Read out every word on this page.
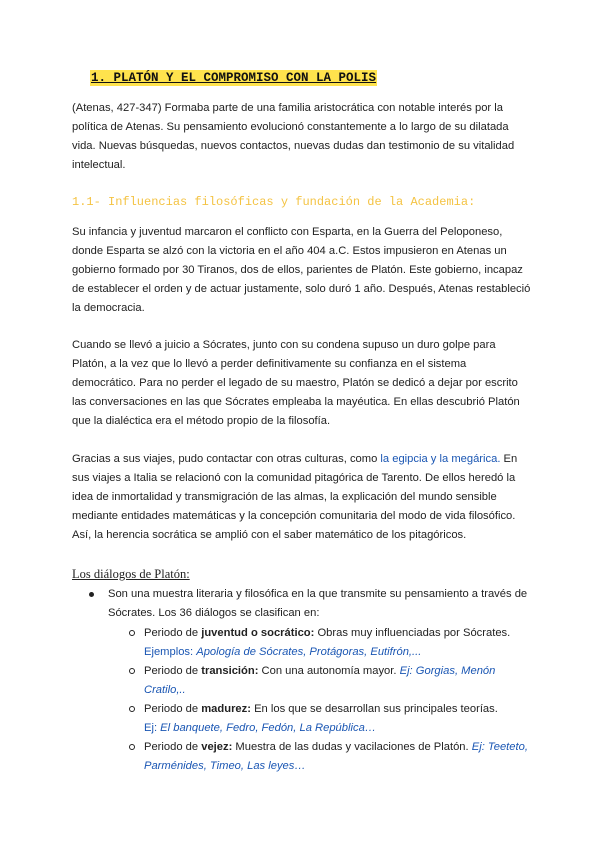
1. PLATÓN Y EL COMPROMISO CON LA POLIS

(Atenas, 427-347) Formaba parte de una familia aristocrática con notable interés por la

política de Atenas. Su pensamiento evolucionó constantemente a lo largo de su dilatada

vida. Nuevas búsquedas, nuevos contactos, nuevas dudas dan testimonio de su vitalidad

intelectual.

1.1- Influencias filosóficas y fundación de la Academia:

Su infancia y juventud marcaron el conflicto con Esparta, en la Guerra del Peloponeso,

donde Esparta se alzó con la victoria en el año 404 a.C. Estos impusieron en Atenas un

gobierno formado por 30 Tiranos, dos de ellos, parientes de Platón. Este gobierno, incapaz

de establecer el orden y de actuar justamente, solo duró 1 año. Después, Atenas restableció

la democracia.

Cuando se llevó a juicio a Sócrates, junto con su condena supuso un duro golpe para

Platón, a la vez que lo llevó a perder definitivamente su confianza en el sistema

democrático. Para no perder el legado de su maestro, Platón se dedicó a dejar por escrito

las conversaciones en las que Sócrates empleaba la mayéutica. En ellas descubrió Platón

que la dialéctica era el método propio de la filosofía.

Gracias a sus viajes, pudo contactar con otras culturas, como la egipcia y la megárica. En

sus viajes a Italia se relacionó con la comunidad pitagórica de Tarento. De ellos heredó la

idea de inmortalidad y transmigración de las almas, la explicación del mundo sensible

mediante entidades matemáticas y la concepción comunitaria del modo de vida filosófico.

Así, la herencia socrática se amplió con el saber matemático de los pitagóricos.

Los diálogos de Platón:

Son una muestra literaria y filosófica en la que transmite su pensamiento a través de

Sócrates. Los 36 diálogos se clasifican en:

Periodo de juventud o socrático: Obras muy influenciadas por Sócrates.
Ejemplos: Apología de Sócrates, Protágoras, Eutifrón,...
Periodo de transición: Con una autonomía mayor. Ej: Gorgias, Menón
Cratilo,..
Periodo de madurez: En los que se desarrollan sus principales teorías.
Ej: El banquete, Fedro, Fedón, La República…
Periodo de vejez: Muestra de las dudas y vacilaciones de Platón. Ej: Teeteto,
Parménides, Timeo, Las leyes…
